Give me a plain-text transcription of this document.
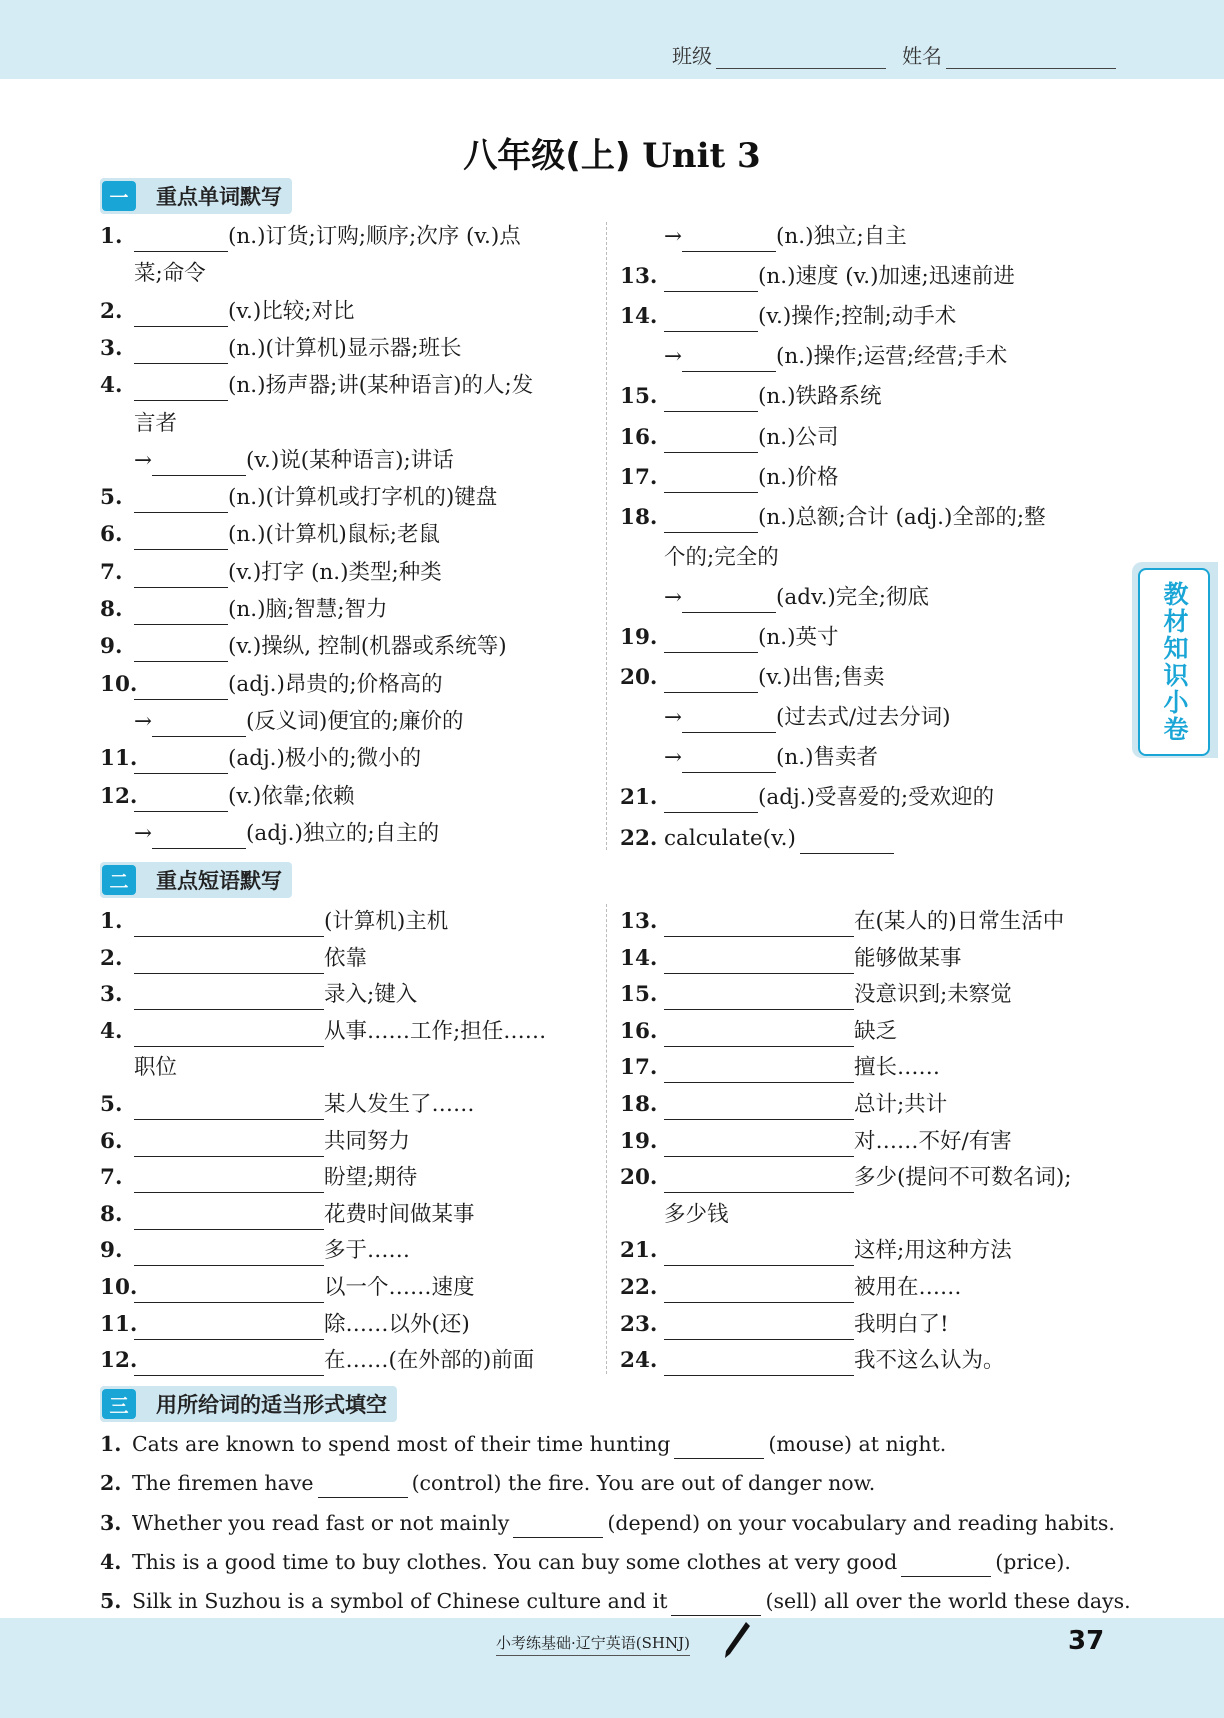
班级	姓名
八年级(上) Unit 3
一	重点单词默写
1.	(n.)订货;订购;顺序;次序 (v.)点
菜;命令
2.	(v.)比较;对比
3.	(n.)(计算机)显示器;班长
4.	(n.)扬声器;讲(某种语言)的人;发
言者
→	(v.)说(某种语言);讲话
5.	(n.)(计算机或打字机的)键盘
6.	(n.)(计算机)鼠标;老鼠
7.	(v.)打字 (n.)类型;种类
8.	(n.)脑;智慧;智力
9.	(v.)操纵, 控制(机器或系统等)
10.	(adj.)昂贵的;价格高的
→	(反义词)便宜的;廉价的
11.	(adj.)极小的;微小的
12.	(v.)依靠;依赖
→	(adj.)独立的;自主的
→	(n.)独立;自主
13.	(n.)速度 (v.)加速;迅速前进
14.	(v.)操作;控制;动手术
→	(n.)操作;运营;经营;手术
15.	(n.)铁路系统
16.	(n.)公司
17.	(n.)价格
18.	(n.)总额;合计 (adj.)全部的;整
个的;完全的
→	(adv.)完全;彻底
19.	(n.)英寸
20.	(v.)出售;售卖
→	(过去式/过去分词)
→	(n.)售卖者
21.	(adj.)受喜爱的;受欢迎的
22. calculate(v.)
二	重点短语默写
1.	(计算机)主机
2.	依靠
3.	录入;键入
4.	从事……工作;担任……
职位
5.	某人发生了……
6.	共同努力
7.	盼望;期待
8.	花费时间做某事
9.	多于……
10.	以一个……速度
11.	除……以外(还)
12.	在……(在外部的)前面
13.	在(某人的)日常生活中
14.	能够做某事
15.	没意识到;未察觉
16.	缺乏
17.	擅长……
18.	总计;共计
19.	对……不好/有害
20.	多少(提问不可数名词);
多少钱
21.	这样;用这种方法
22.	被用在……
23.	我明白了!
24.	我不这么认为。
三	用所给词的适当形式填空
1. Cats are known to spend most of their time hunting	(mouse) at night.
2. The firemen have	(control) the fire. You are out of danger now.
3. Whether you read fast or not mainly	(depend) on your vocabulary and reading habits.
4. This is a good time to buy clothes. You can buy some clothes at very good	(price).
5. Silk in Suzhou is a symbol of Chinese culture and it	(sell) all over the world these days.
教材知识小卷
小考练基础·辽宁英语(SHNJ)	37
